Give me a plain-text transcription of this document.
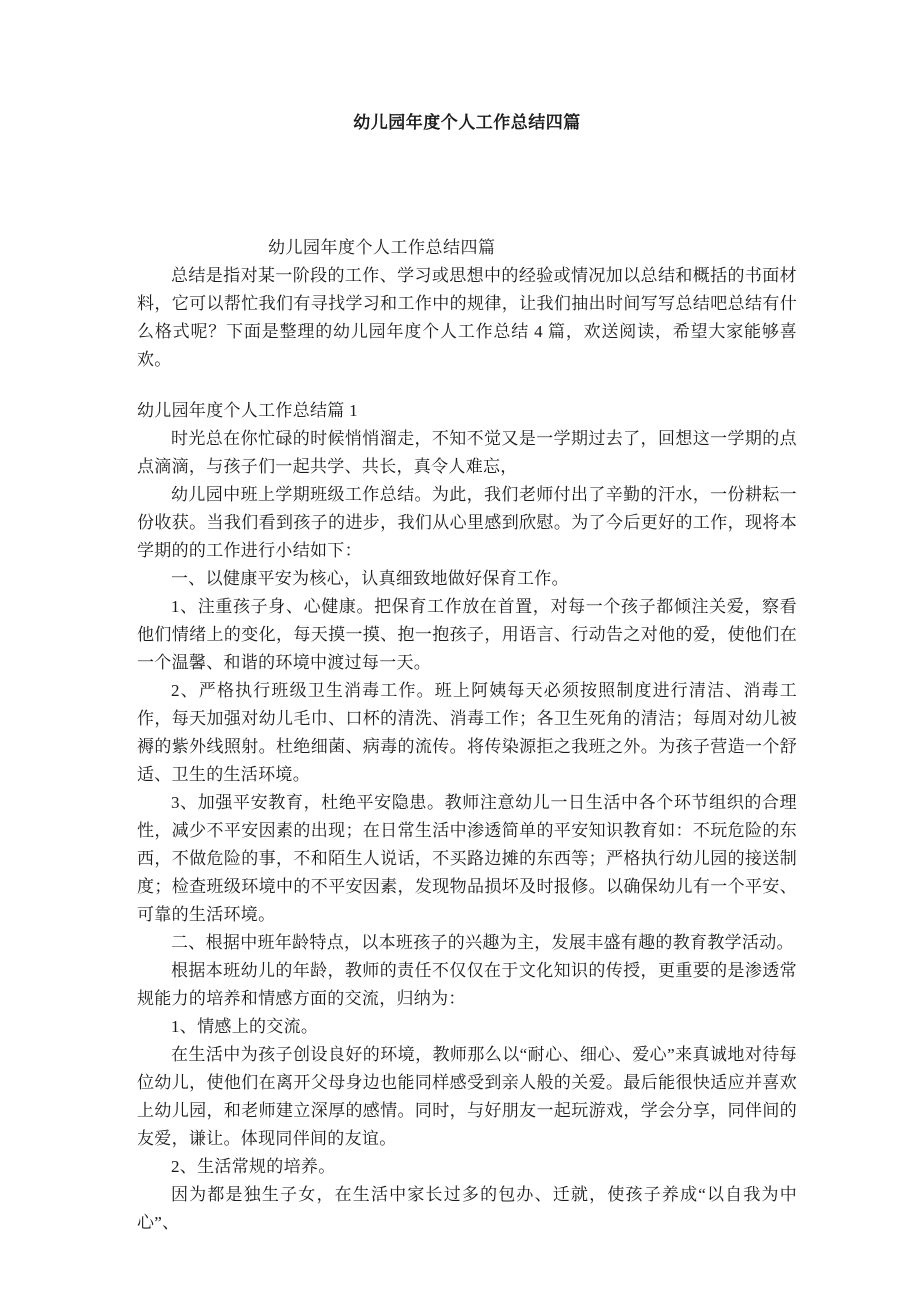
幼儿园年度个人工作总结四篇
幼儿园年度个人工作总结四篇

总结是指对某一阶段的工作、学习或思想中的经验或情况加以总结和概括的书面材料，它可以帮忙我们有寻找学习和工作中的规律，让我们抽出时间写写总结吧总结有什么格式呢？下面是整理的幼儿园年度个人工作总结 4 篇，欢送阅读，希望大家能够喜欢。

幼儿园年度个人工作总结篇 1

时光总在你忙碌的时候悄悄溜走，不知不觉又是一学期过去了，回想这一学期的点点滴滴，与孩子们一起共学、共长，真令人难忘，

幼儿园中班上学期班级工作总结。为此，我们老师付出了辛勤的汗水，一份耕耘一份收获。当我们看到孩子的进步，我们从心里感到欣慰。为了今后更好的工作，现将本学期的的工作进行小结如下：

一、以健康平安为核心，认真细致地做好保育工作。

1、注重孩子身、心健康。把保育工作放在首置，对每一个孩子都倾注关爱，察看他们情绪上的变化，每天摸一摸、抱一抱孩子，用语言、行动告之对他的爱，使他们在一个温馨、和谐的环境中渡过每一天。

2、严格执行班级卫生消毒工作。班上阿姨每天必须按照制度进行清洁、消毒工作，每天加强对幼儿毛巾、口杯的清洗、消毒工作；各卫生死角的清洁；每周对幼儿被褥的紫外线照射。杜绝细菌、病毒的流传。将传染源拒之我班之外。为孩子营造一个舒适、卫生的生活环境。

3、加强平安教育，杜绝平安隐患。教师注意幼儿一日生活中各个环节组织的合理性，减少不平安因素的出现；在日常生活中渗透简单的平安知识教育如：不玩危险的东西，不做危险的事，不和陌生人说话，不买路边摊的东西等；严格执行幼儿园的接送制度；检查班级环境中的不平安因素，发现物品损坏及时报修。以确保幼儿有一个平安、可靠的生活环境。

二、根据中班年龄特点，以本班孩子的兴趣为主，发展丰盛有趣的教育教学活动。

根据本班幼儿的年龄，教师的责任不仅仅在于文化知识的传授，更重要的是渗透常规能力的培养和情感方面的交流，归纳为：

1、情感上的交流。

在生活中为孩子创设良好的环境，教师那么以“耐心、细心、爱心”来真诚地对待每位幼儿，使他们在离开父母身边也能同样感受到亲人般的关爱。最后能很快适应并喜欢上幼儿园，和老师建立深厚的感情。同时，与好朋友一起玩游戏，学会分享，同伴间的友爱，谦让。体现同伴间的友谊。

2、生活常规的培养。

因为都是独生子女，在生活中家长过多的包办、迁就，使孩子养成“以自我为中心”、
